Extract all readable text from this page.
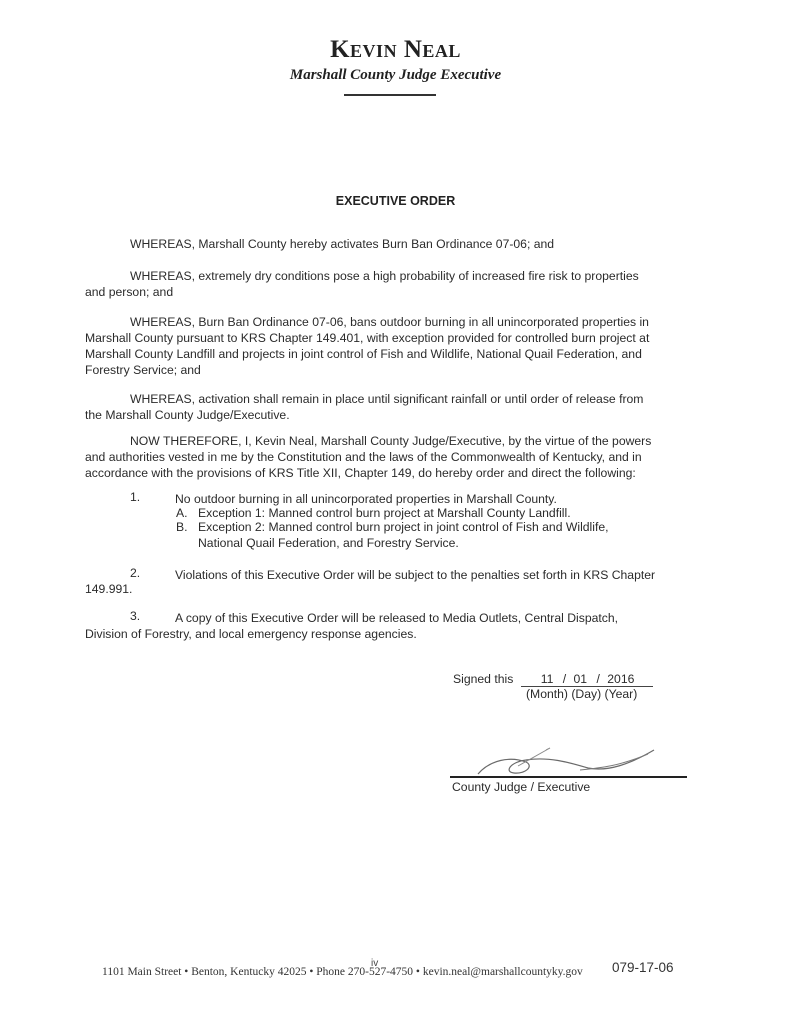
Kevin Neal
Marshall County Judge Executive
EXECUTIVE ORDER
WHEREAS, Marshall County hereby activates Burn Ban Ordinance 07-06; and
WHEREAS, extremely dry conditions pose a high probability of increased fire risk to properties
and person; and
WHEREAS, Burn Ban Ordinance 07-06, bans outdoor burning in all unincorporated properties in
Marshall County pursuant to KRS Chapter 149.401, with exception provided for controlled burn project at
Marshall County Landfill and projects in joint control of Fish and Wildlife, National Quail Federation, and
Forestry Service; and
WHEREAS, activation shall remain in place until significant rainfall or until order of release from
the Marshall County Judge/Executive.
NOW THEREFORE, I, Kevin Neal, Marshall County Judge/Executive, by the virtue of the powers
and authorities vested in me by the Constitution and the laws of the Commonwealth of Kentucky, and in
accordance with the provisions of KRS Title XII, Chapter 149, do hereby order and direct the following:
1.	No outdoor burning in all unincorporated properties in Marshall County.
A. Exception 1: Manned control burn project at Marshall County Landfill.
B. Exception 2: Manned control burn project in joint control of Fish and Wildlife,
National Quail Federation, and Forestry Service.
2.	Violations of this Executive Order will be subject to the penalties set forth in KRS Chapter
149.991.
3.	A copy of this Executive Order will be released to Media Outlets, Central Dispatch,
Division of Forestry, and local emergency response agencies.
Signed this 11 / 01 / 2016
(Month) (Day) (Year)
County Judge / Executive
iv	079-17-06
1101 Main Street • Benton, Kentucky 42025 • Phone 270-527-4750 • kevin.neal@marshallcountyky.gov
